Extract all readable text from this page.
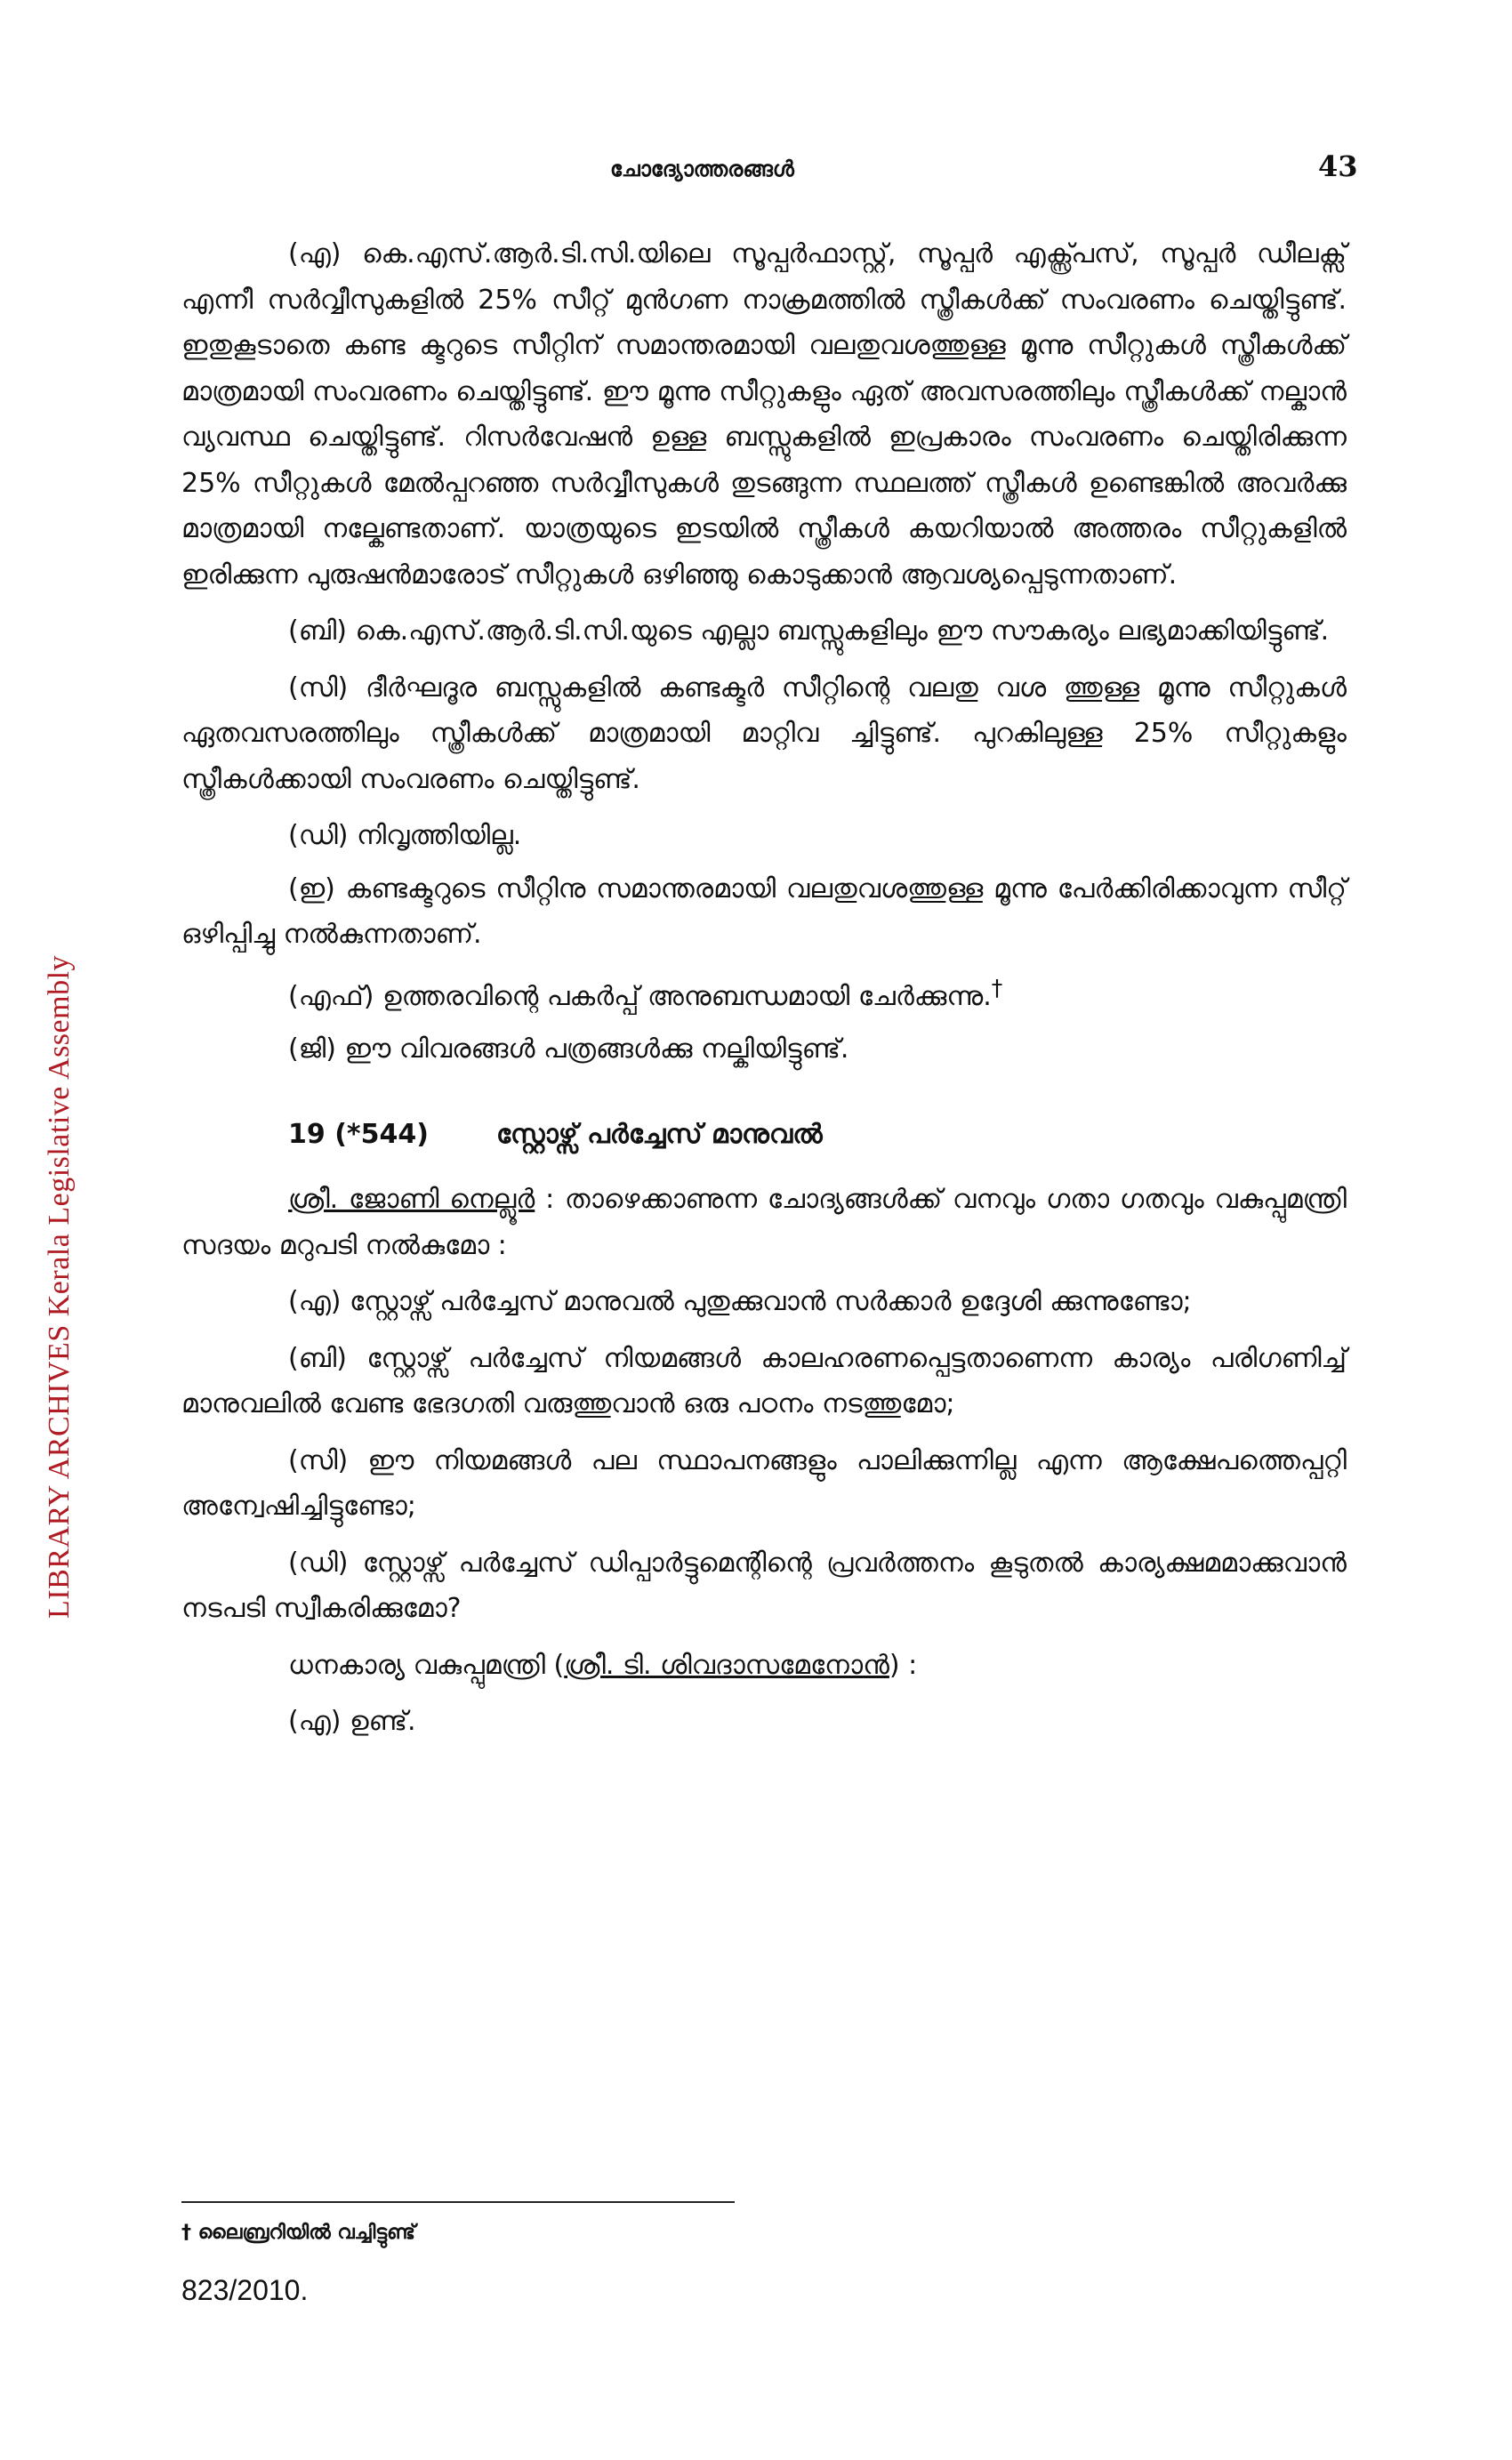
LIBRARY ARCHIVES Kerala Legislative Assembly
ചോദ്യോത്തരങ്ങൾ	43

(എ) കെ.എസ്.ആർ.ടി.സി.യിലെ സൂപ്പർഫാസ്റ്റ്, സൂപ്പർ എക്സ്പ്രസ്, സൂപ്പർ ഡീലക്സ് എന്നീ സർവ്വീസുകളിൽ 25% സീറ്റ് മുൻഗണ നാക്രമത്തിൽ സ്ത്രീകൾക്ക് സംവരണം ചെയ്തിട്ടുണ്ട്. ഇതുകൂടാതെ കണ്ട ക്ടറുടെ സീറ്റിന് സമാന്തരമായി വലതുവശത്തുള്ള മൂന്നു സീറ്റുകൾ സ്ത്രീകൾക്ക് മാത്രമായി സംവരണം ചെയ്തിട്ടുണ്ട്. ഈ മൂന്നു സീറ്റുകളും ഏത് അവസരത്തിലും സ്ത്രീകൾക്ക് നല്കാൻ വ്യവസ്ഥ ചെയ്തിട്ടുണ്ട്. റിസർവേഷൻ ഉള്ള ബസ്സുകളിൽ ഇപ്രകാരം സംവരണം ചെയ്തിരിക്കുന്ന 25% സീറ്റുകൾ മേൽപ്പറഞ്ഞ സർവ്വീസുകൾ തുടങ്ങുന്ന സ്ഥലത്ത് സ്ത്രീകൾ ഉണ്ടെങ്കിൽ അവർക്കു മാത്രമായി നല്കേണ്ടതാണ്. യാത്രയുടെ ഇടയിൽ സ്ത്രീകൾ കയറിയാൽ അത്തരം സീറ്റുകളിൽ ഇരിക്കുന്ന പുരുഷൻമാരോട് സീറ്റുകൾ ഒഴിഞ്ഞു കൊടുക്കാൻ ആവശ്യപ്പെടുന്നതാണ്.

(ബി) കെ.എസ്.ആർ.ടി.സി.യുടെ എല്ലാ ബസ്സുകളിലും ഈ സൗകര്യം ലഭ്യമാക്കിയിട്ടുണ്ട്.

(സി) ദീർഘദൂര ബസ്സുകളിൽ കണ്ടക്ടർ സീറ്റിന്റെ വലതു വശ ത്തുള്ള മൂന്നു സീറ്റുകൾ ഏതവസരത്തിലും സ്ത്രീകൾക്ക് മാത്രമായി മാറ്റിവ ച്ചിട്ടുണ്ട്. പുറകിലുള്ള 25% സീറ്റുകളും സ്ത്രീകൾക്കായി സംവരണം ചെയ്തിട്ടുണ്ട്.

(ഡി) നിവൃത്തിയില്ല.

(ഇ) കണ്ടക്ടറുടെ സീറ്റിനു സമാന്തരമായി വലതുവശത്തുള്ള മൂന്നു പേർക്കിരിക്കാവുന്ന സീറ്റ് ഒഴിപ്പിച്ചു നൽകുന്നതാണ്.

(എഫ്) ഉത്തരവിന്റെ പകർപ്പ് അനുബന്ധമായി ചേർക്കുന്നു.†

(ജി) ഈ വിവരങ്ങൾ പത്രങ്ങൾക്കു നല്കിയിട്ടുണ്ട്.

19 (*544)	സ്റ്റോഴ്സ് പർച്ചേസ് മാനുവൽ

ശ്രീ. ജോണി നെല്ലൂർ : താഴെക്കാണുന്ന ചോദ്യങ്ങൾക്ക് വനവും ഗതാ ഗതവും വകുപ്പുമന്ത്രി സദയം മറുപടി നൽകുമോ :

(എ) സ്റ്റോഴ്സ് പർച്ചേസ് മാനുവൽ പുതുക്കുവാൻ സർക്കാർ ഉദ്ദേശി ക്കുന്നുണ്ടോ;

(ബി) സ്റ്റോഴ്സ് പർച്ചേസ് നിയമങ്ങൾ കാലഹരണപ്പെട്ടതാണെന്ന കാര്യം പരിഗണിച്ച് മാനുവലിൽ വേണ്ട ഭേദഗതി വരുത്തുവാൻ ഒരു പഠനം നടത്തുമോ;

(സി) ഈ നിയമങ്ങൾ പല സ്ഥാപനങ്ങളും പാലിക്കുന്നില്ല എന്ന ആക്ഷേപത്തെപ്പറ്റി അന്വേഷിച്ചിട്ടുണ്ടോ;

(ഡി) സ്റ്റോഴ്സ് പർച്ചേസ് ഡിപ്പാർട്ടുമെന്റിന്റെ പ്രവർത്തനം കൂടുതൽ കാര്യക്ഷമമാക്കുവാൻ നടപടി സ്വീകരിക്കുമോ?

ധനകാര്യ വകുപ്പുമന്ത്രി (ശ്രീ. ടി. ശിവദാസമേനോൻ) :

(എ) ഉണ്ട്.

† ലൈബ്രറിയിൽ വച്ചിട്ടുണ്ട്
823/2010.
